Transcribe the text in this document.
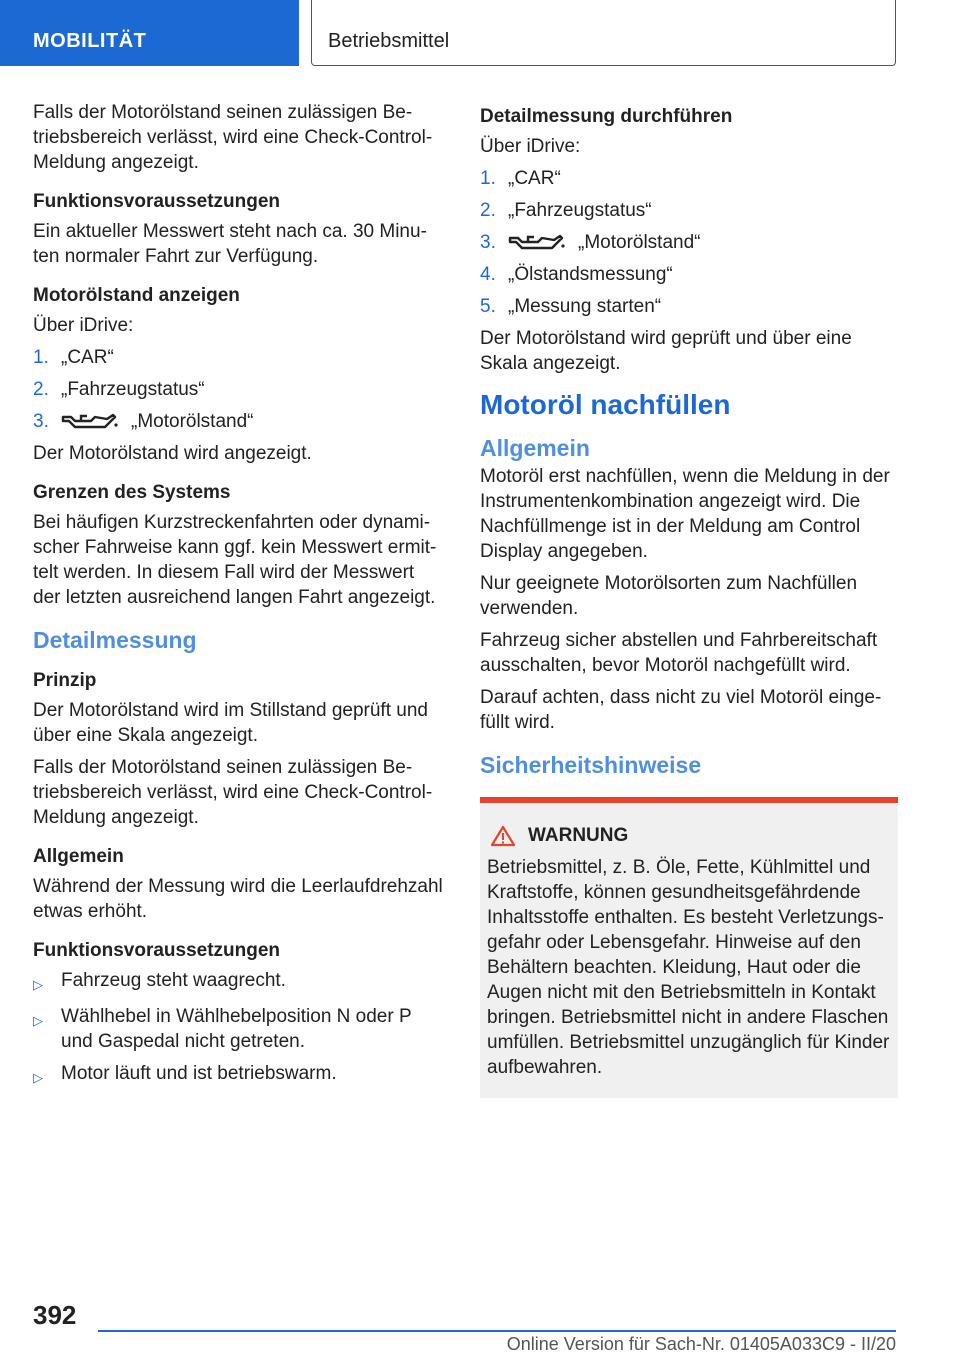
MOBILITÄT	Betriebsmittel

Falls der Motorölstand seinen zulässigen Betriebsbereich verlässt, wird eine Check-Control-Meldung angezeigt.

Funktionsvoraussetzungen

Ein aktueller Messwert steht nach ca. 30 Minuten normaler Fahrt zur Verfügung.

Motorölstand anzeigen

Über iDrive:

1. „CAR“
2. „Fahrzeugstatus“
3.	„Motorölstand“

Der Motorölstand wird angezeigt.

Grenzen des Systems

Bei häufigen Kurzstreckenfahrten oder dynamischer Fahrweise kann ggf. kein Messwert ermittelt werden. In diesem Fall wird der Messwert der letzten ausreichend langen Fahrt angezeigt.

Detailmessung
Prinzip

Der Motorölstand wird im Stillstand geprüft und über eine Skala angezeigt.

Falls der Motorölstand seinen zulässigen Betriebsbereich verlässt, wird eine Check-Control-Meldung angezeigt.

Allgemein

Während der Messung wird die Leerlaufdrehzahl etwas erhöht.

Funktionsvoraussetzungen
▷ Fahrzeug steht waagrecht.
▷ Wählhebel in Wählhebelposition N oder P und Gaspedal nicht getreten.
▷ Motor läuft und ist betriebswarm.
Detailmessung durchführen

Über iDrive:

1. „CAR“
2. „Fahrzeugstatus“
3.	„Motorölstand“
4. „Ölstandsmessung“
5. „Messung starten“

Der Motorölstand wird geprüft und über eine Skala angezeigt.

Motoröl nachfüllen
Allgemein

Motoröl erst nachfüllen, wenn die Meldung in der Instrumentenkombination angezeigt wird. Die Nachfüllmenge ist in der Meldung am Control Display angegeben.

Nur geeignete Motorölsorten zum Nachfüllen verwenden.

Fahrzeug sicher abstellen und Fahrbereitschaft ausschalten, bevor Motoröl nachgefüllt wird.

Darauf achten, dass nicht zu viel Motoröl eingefüllt wird.

Sicherheitshinweise
WARNUNG

Betriebsmittel, z. B. Öle, Fette, Kühlmittel und Kraftstoffe, können gesundheitsgefährdende Inhaltsstoffe enthalten. Es besteht Verletzungsgefahr oder Lebensgefahr. Hinweise auf den Behältern beachten. Kleidung, Haut oder die Augen nicht mit den Betriebsmitteln in Kontakt bringen. Betriebsmittel nicht in andere Flaschen umfüllen. Betriebsmittel unzugänglich für Kinder aufbewahren.

392
Online Version für Sach-Nr. 01405A033C9 - II/20
